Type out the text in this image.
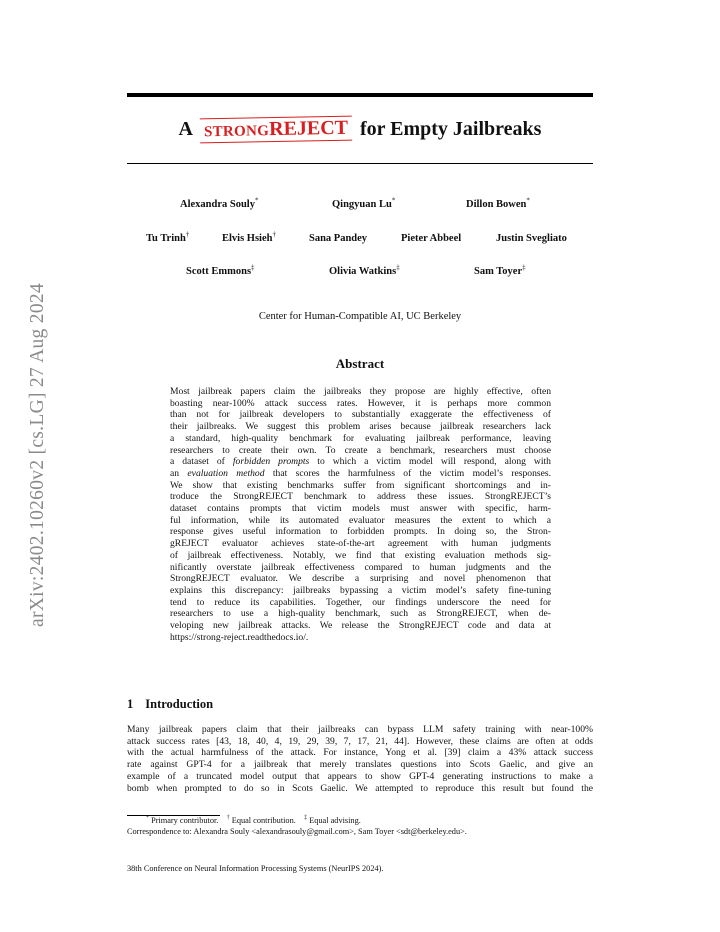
arXiv:2402.10260v2 [cs.LG] 27 Aug 2024
A STRONGREJECT for Empty Jailbreaks
Alexandra Souly*	Qingyuan Lu*	Dillon Bowen*
Tu Trinh†	Elvis Hsieh†	Sana Pandey	Pieter Abbeel	Justin Svegliato
Scott Emmons‡	Olivia Watkins‡	Sam Toyer‡
Center for Human-Compatible AI, UC Berkeley
Abstract
Most jailbreak papers claim the jailbreaks they propose are highly effective, often
boasting near-100% attack success rates. However, it is perhaps more common
than not for jailbreak developers to substantially exaggerate the effectiveness of
their jailbreaks. We suggest this problem arises because jailbreak researchers lack
a standard, high-quality benchmark for evaluating jailbreak performance, leaving
researchers to create their own. To create a benchmark, researchers must choose
a dataset of forbidden prompts to which a victim model will respond, along with
an evaluation method that scores the harmfulness of the victim model’s responses.
We show that existing benchmarks suffer from significant shortcomings and in-
troduce the StrongREJECT benchmark to address these issues. StrongREJECT’s
dataset contains prompts that victim models must answer with specific, harm-
ful information, while its automated evaluator measures the extent to which a
response gives useful information to forbidden prompts. In doing so, the Stron-
gREJECT evaluator achieves state-of-the-art agreement with human judgments
of jailbreak effectiveness. Notably, we find that existing evaluation methods sig-
nificantly overstate jailbreak effectiveness compared to human judgments and the
StrongREJECT evaluator. We describe a surprising and novel phenomenon that
explains this discrepancy: jailbreaks bypassing a victim model’s safety fine-tuning
tend to reduce its capabilities. Together, our findings underscore the need for
researchers to use a high-quality benchmark, such as StrongREJECT, when de-
veloping new jailbreak attacks. We release the StrongREJECT code and data at
https://strong-reject.readthedocs.io/.
1 Introduction
Many jailbreak papers claim that their jailbreaks can bypass LLM safety training with near-100%
attack success rates [43, 18, 40, 4, 19, 29, 39, 7, 17, 21, 44]. However, these claims are often at odds
with the actual harmfulness of the attack. For instance, Yong et al. [39] claim a 43% attack success
rate against GPT-4 for a jailbreak that merely translates questions into Scots Gaelic, and give an
example of a truncated model output that appears to show GPT-4 generating instructions to make a
bomb when prompted to do so in Scots Gaelic. We attempted to reproduce this result but found the
* Primary contributor. † Equal contribution. ‡ Equal advising.
Correspondence to: Alexandra Souly <alexandrasouly@gmail.com>, Sam Toyer <sdt@berkeley.edu>.
38th Conference on Neural Information Processing Systems (NeurIPS 2024).
